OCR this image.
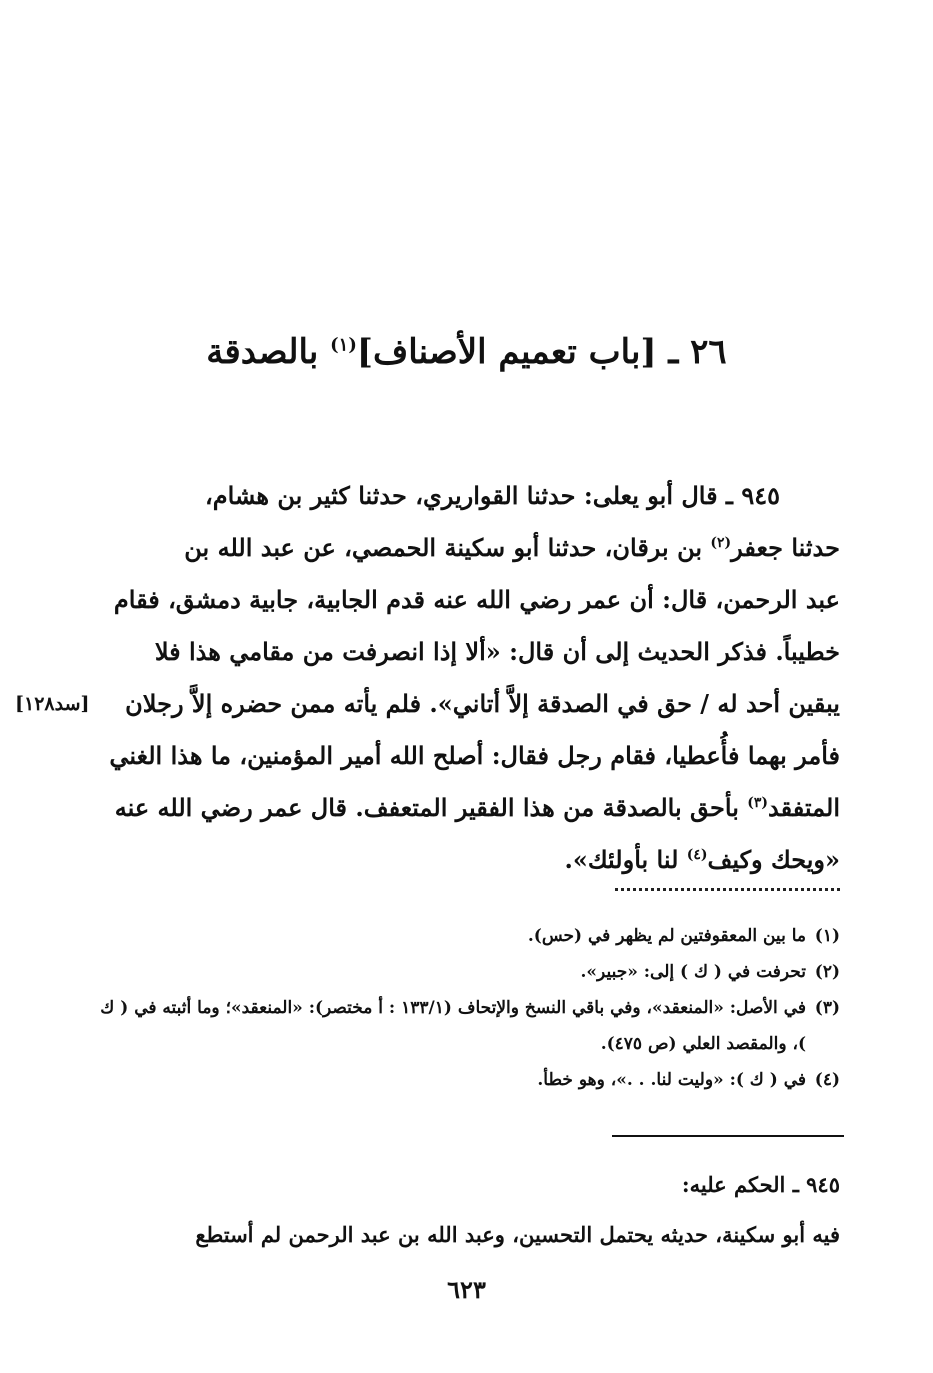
٢٦ ـ [باب تعميم الأصناف]$^{(١)}$ بالصدقة
٩٤٥ ـ قال أبو يعلى: حدثنا القواريري، حدثنا كثير بن هشام،
حدثنا جعفر$^{(٢)}$ بن برقان، حدثنا أبو سكينة الحمصي، عن عبد الله بن
عبد الرحمن، قال: أن عمر رضي الله عنه قدم الجابية، جابية دمشق، فقام
خطيباً. فذكر الحديث إلى أن قال: «ألا إذا انصرفت من مقامي هذا فلا
يبقين أحد له / حق في الصدقة إلاَّ أتاني». فلم يأته ممن حضره إلاَّ رجلان
[سد١٢٨]
فأمر بهما فأُعطيا، فقام رجل فقال: أصلح الله أمير المؤمنين، ما هذا الغني
المتفقد$^{(٣)}$ بأحق بالصدقة من هذا الفقير المتعفف. قال عمر رضي الله عنه
«ويحك وكيف$^{(٤)}$ لنا بأولئك».
(١)
ما بين المعقوفتين لم يظهر في (حس).
(٢)
تحرفت في ( ك ) إلى: «جبير».
(٣)
في الأصل: «المنعقد»، وفي باقي النسخ والإتحاف (١٣٣/١ : أ مختصر): «المنعقد»؛ وما أثبته في ( ك )، والمقصد العلي (ص ٤٧٥).
(٤)
في ( ك ): «وليت لنا. . .»، وهو خطأ.
٩٤٥ ـ الحكم عليه:
فيه أبو سكينة، حديثه يحتمل التحسين، وعبد الله بن عبد الرحمن لم أستطع
٦٢٣
